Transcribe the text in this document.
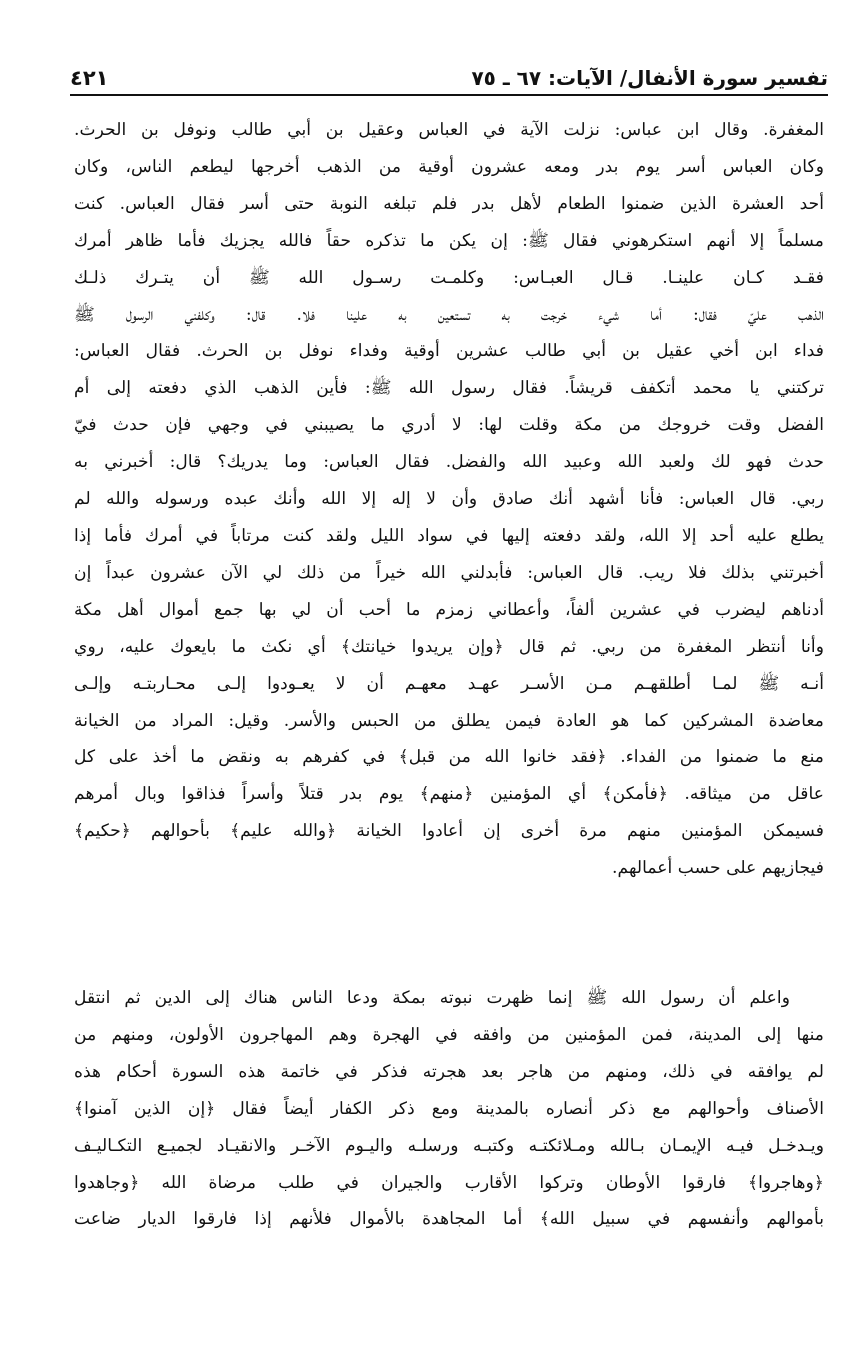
تفسير سورة الأنفال/ الآيات: ٦٧ ـ ٧٥
٤٢١
المغفرة. وقال ابن عباس: نزلت الآية في العباس وعقيل بن أبي طالب ونوفل بن الحرث.
وكان العباس أسر يوم بدر ومعه عشرون أوقية من الذهب أخرجها ليطعم الناس، وكان
أحد العشرة الذين ضمنوا الطعام لأهل بدر فلم تبلغه النوبة حتى أسر فقال العباس. كنت
مسلماً إلا أنهم استكرهوني فقال ﷺ: إن يكن ما تذكره حقاً فالله يجزيك فأما ظاهر أمرك
فقـد كـان علينـا. قـال العبـاس: وكلمـت رسـول الله ﷺ أن يتـرك ذلـك
الذهب عليّ فقال: أما شيء خرجت به تستعين به علينا فلا. قال: وكلفني الرسول ﷺ
فداء ابن أخي عقيل بن أبي طالب عشرين أوقية وفداء نوفل بن الحرث. فقال العباس:
تركتني يا محمد أتكفف قريشاً. فقال رسول الله ﷺ: فأين الذهب الذي دفعته إلى أم
الفضل وقت خروجك من مكة وقلت لها: لا أدري ما يصيبني في وجهي فإن حدث فيّ
حدث فهو لك ولعبد الله وعبيد الله والفضل. فقال العباس: وما يدريك؟ قال: أخبرني به
ربي. قال العباس: فأنا أشهد أنك صادق وأن لا إله إلا الله وأنك عبده ورسوله والله لم
يطلع عليه أحد إلا الله، ولقد دفعته إليها في سواد الليل ولقد كنت مرتاباً في أمرك فأما إذا
أخبرتني بذلك فلا ريب. قال العباس: فأبدلني الله خيراً من ذلك لي الآن عشرون عبداً إن
أدناهم ليضرب في عشرين ألفاً، وأعطاني زمزم ما أحب أن لي بها جمع أموال أهل مكة
وأنا أنتظر المغفرة من ربي. ثم قال ﴿وإن يريدوا خيانتك﴾ أي نكث ما بايعوك عليه، روي
أنـه ﷺ لمـا أطلقهـم مـن الأسـر عهـد معهـم أن لا يعـودوا إلـى محـاربتـه وإلـى
معاضدة المشركين كما هو العادة فيمن يطلق من الحبس والأسر. وقيل: المراد من الخيانة
منع ما ضمنوا من الفداء. ﴿فقد خانوا الله من قبل﴾ في كفرهم به ونقض ما أخذ على كل
عاقل من ميثاقه. ﴿فأمكن﴾ أي المؤمنين ﴿منهم﴾ يوم بدر قتلاً وأسراً فذاقوا وبال أمرهم
فسيمكن المؤمنين منهم مرة أخرى إن أعادوا الخيانة ﴿والله عليم﴾ بأحوالهم ﴿حكيم﴾
فيجازيهم على حسب أعمالهم.
واعلم أن رسول الله ﷺ إنما ظهرت نبوته بمكة ودعا الناس هناك إلى الدين ثم انتقل
منها إلى المدينة، فمن المؤمنين من وافقه في الهجرة وهم المهاجرون الأولون، ومنهم من
لم يوافقه في ذلك، ومنهم من هاجر بعد هجرته فذكر في خاتمة هذه السورة أحكام هذه
الأصناف وأحوالهم مع ذكر أنصاره بالمدينة ومع ذكر الكفار أيضاً فقال ﴿إن الذين آمنوا﴾
ويـدخـل فيـه الإيمـان بـالله ومـلائكتـه وكتبـه ورسلـه واليـوم الآخـر والانقيـاد لجميـع التكـاليـف
﴿وهاجروا﴾ فارقوا الأوطان وتركوا الأقارب والجيران في طلب مرضاة الله ﴿وجاهدوا
بأموالهم وأنفسهم في سبيل الله﴾ أما المجاهدة بالأموال فلأنهم إذا فارقوا الديار ضاعت
